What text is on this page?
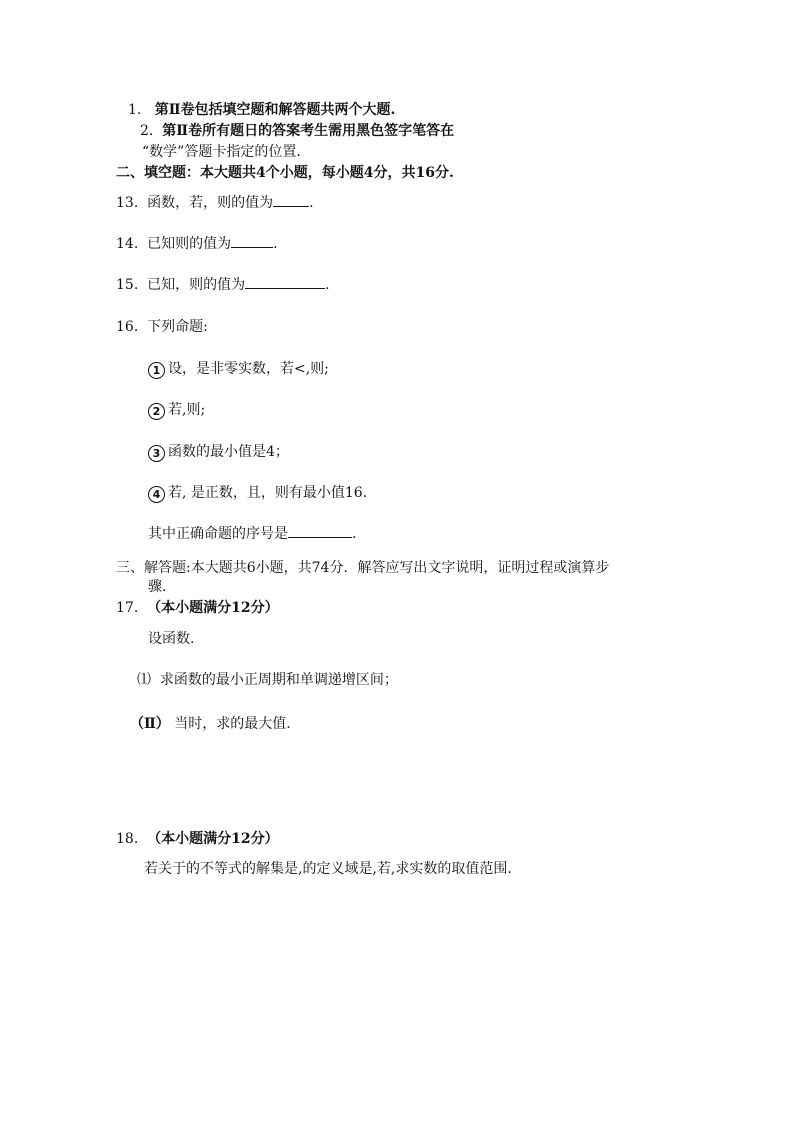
1. 第Ⅱ卷包括填空题和解答题共两个大题.
2. 第Ⅱ卷所有题日的答案考生需用黑色签字笔答在
“数学”答题卡指定的位置.
二、填空题：本大题共4个小题，每小题4分，共16分.
13. 函数，若，则的值为	.
14. 已知则的值为	.
15. 已知，则的值为	.
16. 下列命题:
1 设，是非零实数，若<,则;
2 若,则;
3 函数的最小值是4；
4 若, 是正数，且，则有最小值16.
其中正确命题的序号是	.
三、解答题:本大题共6小题，共74分．解答应写出文字说明，证明过程或演算步
骤.
17. （本小题满分12分）
设函数.
⑴ 求函数的最小正周期和单调递增区间；
（Ⅱ） 当时，求的最大值.
18. （本小题满分12分）
若关于的不等式的解集是,的定义域是,若,求实数的取值范围.
